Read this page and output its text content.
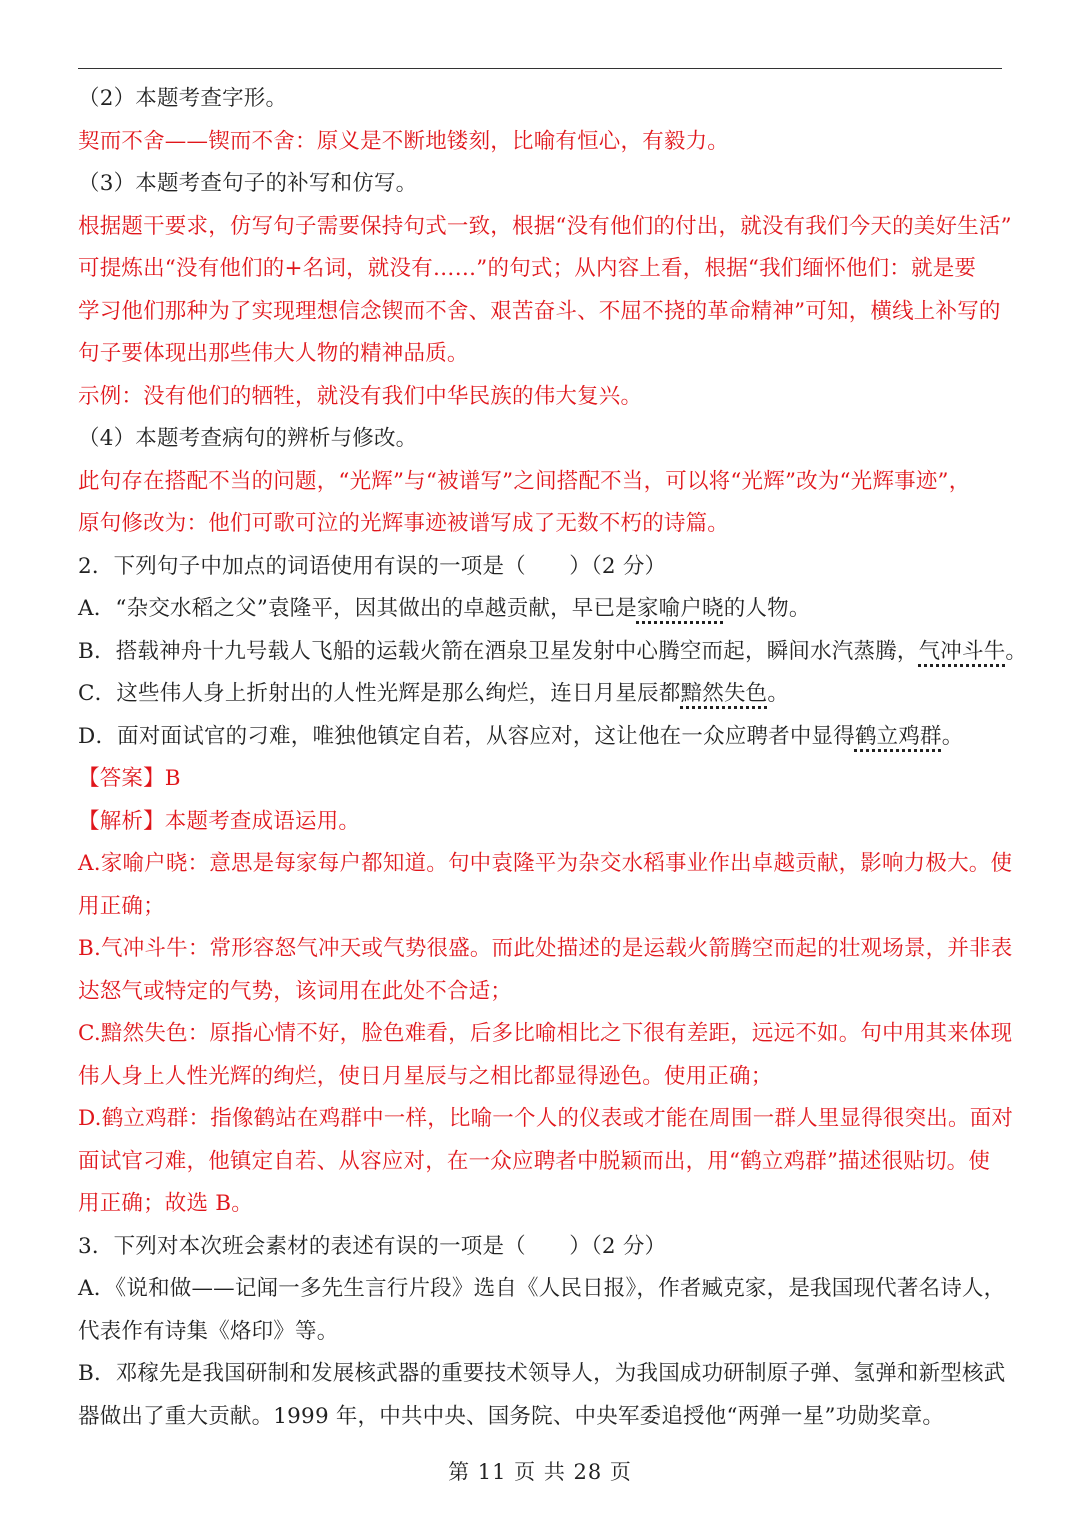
（2）本题考查字形。
契而不舍——锲而不舍：原义是不断地镂刻，比喻有恒心，有毅力。
（3）本题考查句子的补写和仿写。
根据题干要求，仿写句子需要保持句式一致，根据“没有他们的付出，就没有我们今天的美好生活”
可提炼出“没有他们的+名词，就没有……”的句式；从内容上看，根据“我们缅怀他们：就是要
学习他们那种为了实现理想信念锲而不舍、艰苦奋斗、不屈不挠的革命精神”可知，横线上补写的
句子要体现出那些伟大人物的精神品质。
示例：没有他们的牺牲，就没有我们中华民族的伟大复兴。
（4）本题考查病句的辨析与修改。
此句存在搭配不当的问题，“光辉”与“被谱写”之间搭配不当，可以将“光辉”改为“光辉事迹”，
原句修改为：他们可歌可泣的光辉事迹被谱写成了无数不朽的诗篇。
2．下列句子中加点的词语使用有误的一项是（　　）（2 分）
A．“杂交水稻之父”袁隆平，因其做出的卓越贡献，早已是家喻户晓的人物。
B．搭载神舟十九号载人飞船的运载火箭在酒泉卫星发射中心腾空而起，瞬间水汽蒸腾，气冲斗牛。
C．这些伟人身上折射出的人性光辉是那么绚烂，连日月星辰都黯然失色。
D．面对面试官的刁难，唯独他镇定自若，从容应对，这让他在一众应聘者中显得鹤立鸡群。
【答案】B
【解析】本题考查成语运用。
A.家喻户晓：意思是每家每户都知道。句中袁隆平为杂交水稻事业作出卓越贡献，影响力极大。使
用正确；
B.气冲斗牛：常形容怒气冲天或气势很盛。而此处描述的是运载火箭腾空而起的壮观场景，并非表
达怒气或特定的气势，该词用在此处不合适；
C.黯然失色：原指心情不好，脸色难看，后多比喻相比之下很有差距，远远不如。句中用其来体现
伟人身上人性光辉的绚烂，使日月星辰与之相比都显得逊色。使用正确；
D.鹤立鸡群：指像鹤站在鸡群中一样，比喻一个人的仪表或才能在周围一群人里显得很突出。面对
面试官刁难，他镇定自若、从容应对，在一众应聘者中脱颖而出，用“鹤立鸡群”描述很贴切。使
用正确；故选 B。
3．下列对本次班会素材的表述有误的一项是（　　）（2 分）
A．《说和做——记闻一多先生言行片段》选自《人民日报》，作者臧克家，是我国现代著名诗人，
代表作有诗集《烙印》等。
B．邓稼先是我国研制和发展核武器的重要技术领导人，为我国成功研制原子弹、氢弹和新型核武
器做出了重大贡献。1999 年，中共中央、国务院、中央军委追授他“两弹一星”功勋奖章。
第 11 页 共 28 页
